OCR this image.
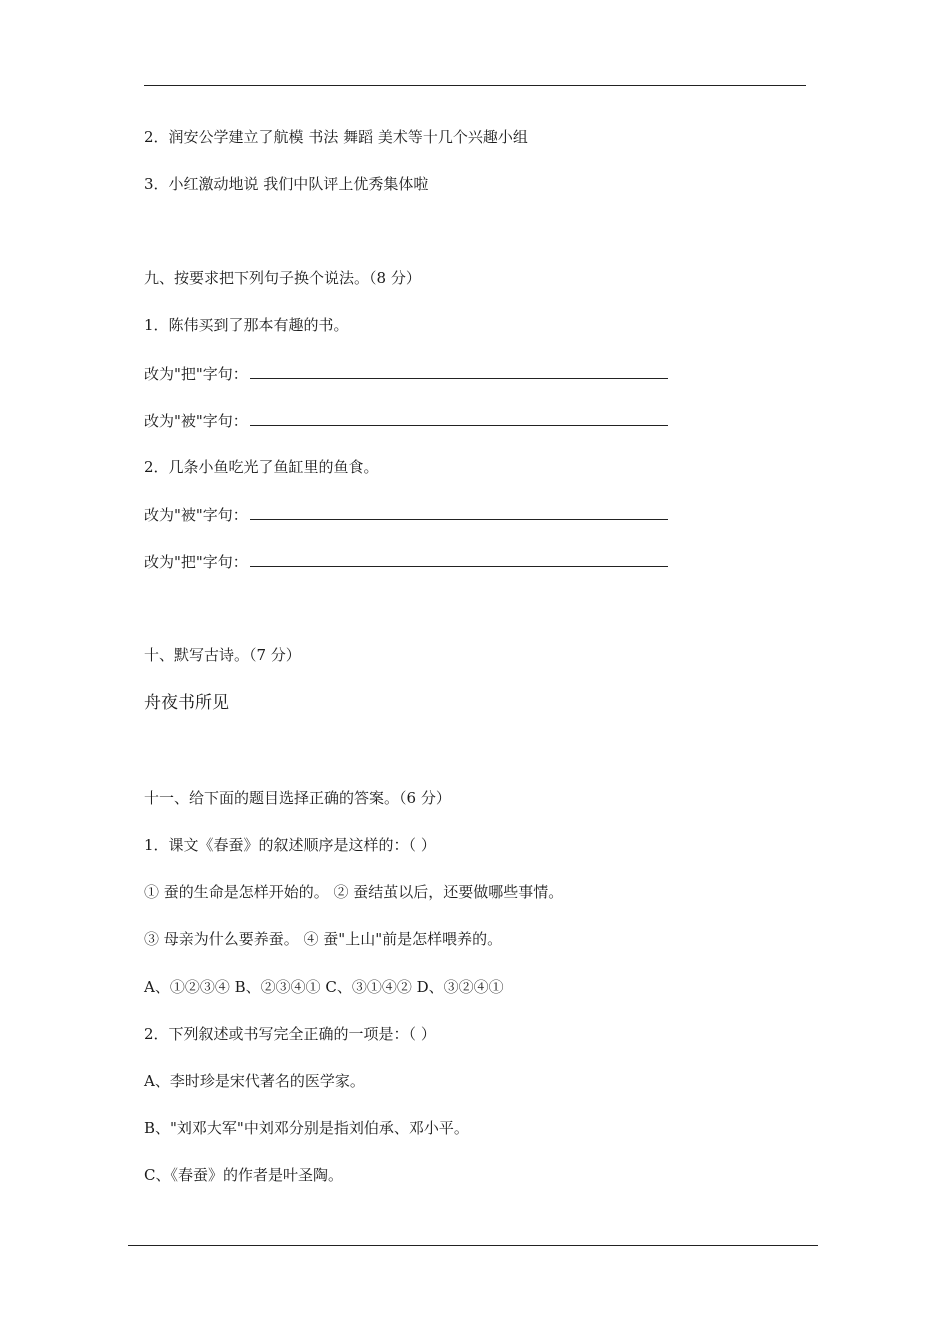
2．润安公学建立了航模 书法 舞蹈 美术等十几个兴趣小组
3．小红激动地说 我们中队评上优秀集体啦
九、按要求把下列句子换个说法。（8 分）
1．陈伟买到了那本有趣的书。
改为"把"字句：
改为"被"字句：
2．几条小鱼吃光了鱼缸里的鱼食。
改为"被"字句：
改为"把"字句：
十、默写古诗。（7 分）
舟夜书所见
十一、给下面的题目选择正确的答案。（6 分）
1．课文《春蚕》的叙述顺序是这样的：（ ）
① 蚕的生命是怎样开始的。 ② 蚕结茧以后，还要做哪些事情。
③ 母亲为什么要养蚕。 ④ 蚕"上山"前是怎样喂养的。
A、①②③④ B、②③④① C、③①④② D、③②④①
2．下列叙述或书写完全正确的一项是：（ ）
A、李时珍是宋代著名的医学家。
B、"刘邓大军"中刘邓分别是指刘伯承、邓小平。
C、《春蚕》的作者是叶圣陶。
